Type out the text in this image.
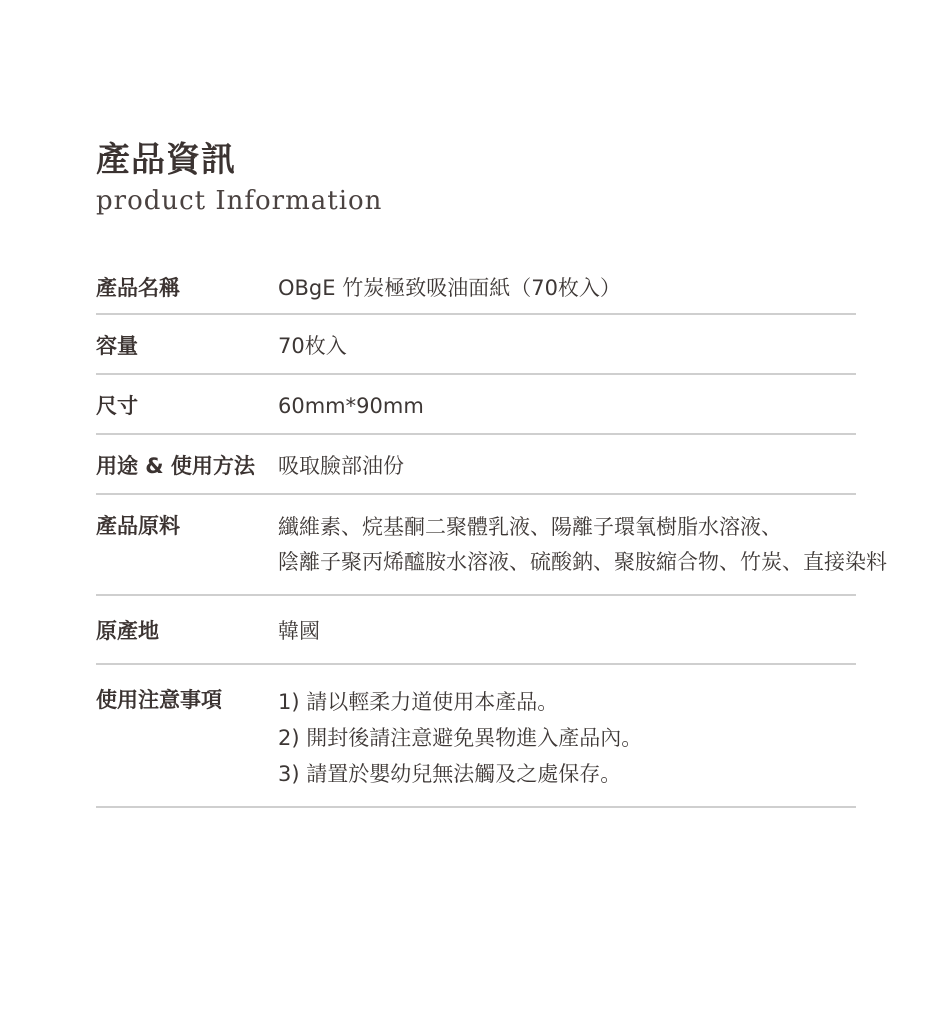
產品資訊
product Information
產品名稱	OBgE 竹炭極致吸油面紙（70枚入）
容量	70枚入
尺寸	60mm*90mm
用途 & 使用方法	吸取臉部油份
產品原料	纖維素、烷基酮二聚體乳液、陽離子環氧樹脂水溶液、
陰離子聚丙烯醯胺水溶液、硫酸鈉、聚胺縮合物、竹炭、直接染料
原產地	韓國
使用注意事項	1) 請以輕柔力道使用本產品。
2) 開封後請注意避免異物進入產品內。
3) 請置於嬰幼兒無法觸及之處保存。
